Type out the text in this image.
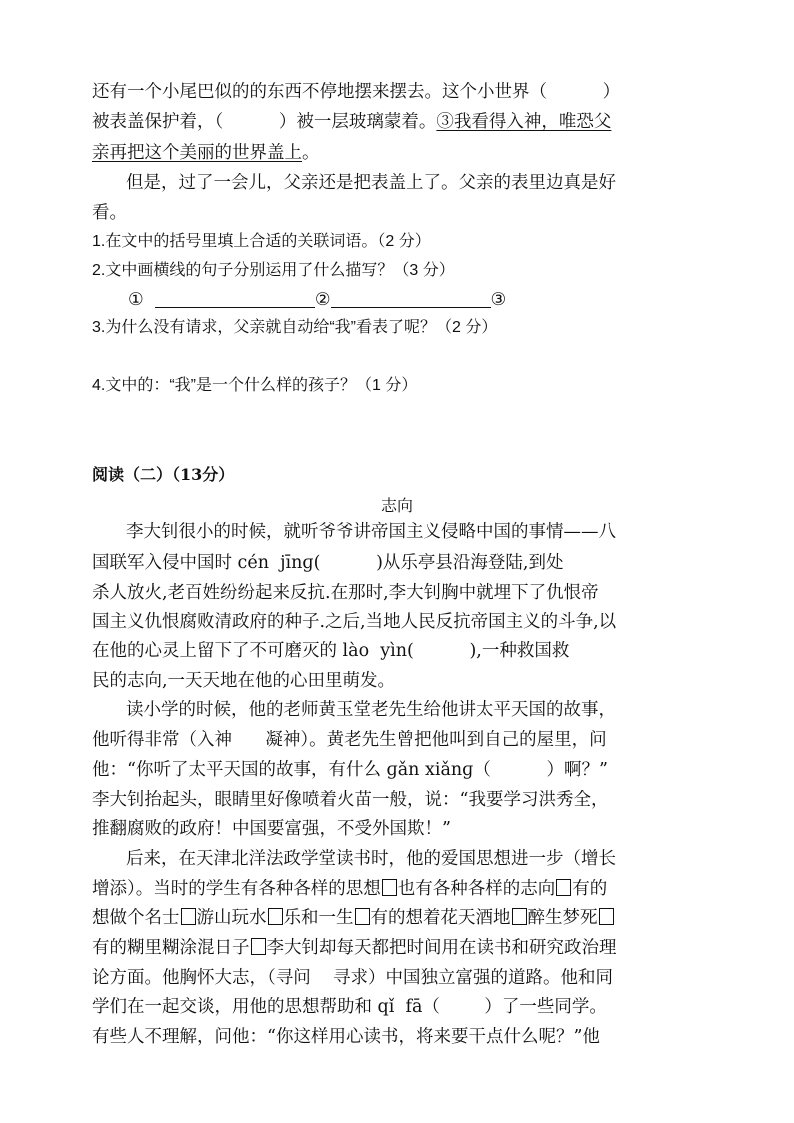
还有一个小尾巴似的的东西不停地摆来摆去。这个小世界（          ）
被表盖保护着，（          ）被一层玻璃蒙着。③我看得入神，唯恐父
亲再把这个美丽的世界盖上。
但是，过了一会儿，父亲还是把表盖上了。父亲的表里边真是好
看。
1.在文中的括号里填上合适的关联词语。（2 分）
2.文中画横线的句子分别运用了什么描写？（3 分）
①	②	③
3.为什么没有请求，父亲就自动给“我”看表了呢？（2 分）
4.文中的：“我”是一个什么样的孩子？（1 分）
阅读（二）（13分）
志向
李大钊很小的时候，就听爷爷讲帝国主义侵略中国的事情——八
国联军入侵中国时 cén  jīnɡ(          )从乐亭县沿海登陆,到处
杀人放火,老百姓纷纷起来反抗.在那时,李大钊胸中就埋下了仇恨帝
国主义仇恨腐败清政府的种子.之后,当地人民反抗帝国主义的斗争,以
在他的心灵上留下了不可磨灭的 lào  yìn(          ),一种救国救
民的志向,一天天地在他的心田里萌发。
读小学的时候，他的老师黄玉堂老先生给他讲太平天国的故事，
他听得非常（入神      凝神）。黄老先生曾把他叫到自己的屋里，问
他：“你听了太平天国的故事，有什么 ɡǎn xiǎnɡ（          ）啊？”
李大钊抬起头，眼睛里好像喷着火苗一般，说：“我要学习洪秀全，
推翻腐败的政府！中国要富强，不受外国欺！”
后来，在天津北洋法政学堂读书时，他的爱国思想进一步（增长
增添）。当时的学生有各种各样的思想 也有各种各样的志向 有的
想做个名士 游山玩水 乐和一生 有的想着花天酒地 醉生梦死
有的糊里糊涂混日子 李大钊却每天都把时间用在读书和研究政治理
论方面。他胸怀大志，（寻问    寻求）中国独立富强的道路。他和同
学们在一起交谈，用他的思想帮助和 qǐ  fā（        ）了一些同学。
有些人不理解，问他：“你这样用心读书，将来要干点什么呢？”他
